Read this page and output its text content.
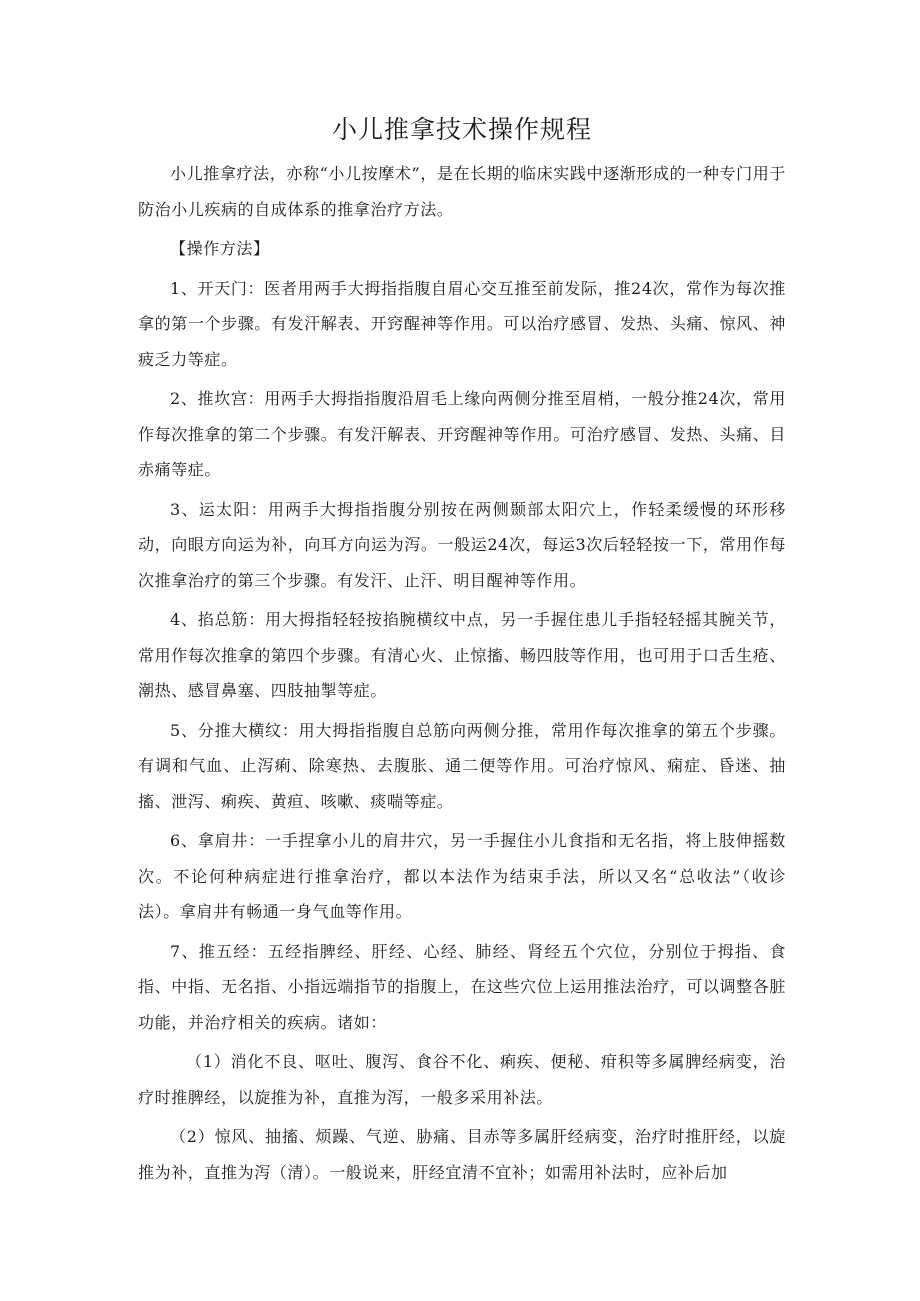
小儿推拿技术操作规程

小儿推拿疗法，亦称“小儿按摩术”，是在长期的临床实践中逐渐形成的一种专门用于防治小儿疾病的自成体系的推拿治疗方法。

【操作方法】

1、开天门：医者用两手大拇指指腹自眉心交互推至前发际，推24次，常作为每次推拿的第一个步骤。有发汗解表、开窍醒神等作用。可以治疗感冒、发热、头痛、惊风、神疲乏力等症。

2、推坎宫：用两手大拇指指腹沿眉毛上缘向两侧分推至眉梢，一般分推24次，常用作每次推拿的第二个步骤。有发汗解表、开窍醒神等作用。可治疗感冒、发热、头痛、目赤痛等症。

3、运太阳：用两手大拇指指腹分别按在两侧颞部太阳穴上，作轻柔缓慢的环形移动，向眼方向运为补，向耳方向运为泻。一般运24次，每运3次后轻轻按一下，常用作每次推拿治疗的第三个步骤。有发汗、止汗、明目醒神等作用。

4、掐总筋：用大拇指轻轻按掐腕横纹中点，另一手握住患儿手指轻轻摇其腕关节，常用作每次推拿的第四个步骤。有清心火、止惊搐、畅四肢等作用，也可用于口舌生疮、潮热、感冒鼻塞、四肢抽掣等症。

5、分推大横纹：用大拇指指腹自总筋向两侧分推，常用作每次推拿的第五个步骤。有调和气血、止泻痢、除寒热、去腹胀、通二便等作用。可治疗惊风、痫症、昏迷、抽搐、泄泻、痢疾、黄疸、咳嗽、痰喘等症。

6、拿肩井：一手捏拿小儿的肩井穴，另一手握住小儿食指和无名指，将上肢伸摇数次。不论何种病症进行推拿治疗，都以本法作为结束手法，所以又名“总收法”（收诊法）。拿肩井有畅通一身气血等作用。

7、推五经：五经指脾经、肝经、心经、肺经、肾经五个穴位，分别位于拇指、食指、中指、无名指、小指远端指节的指腹上，在这些穴位上运用推法治疗，可以调整各脏功能，并治疗相关的疾病。诸如：

（1）消化不良、呕吐、腹泻、食谷不化、痢疾、便秘、疳积等多属脾经病变，治疗时推脾经，以旋推为补，直推为泻，一般多采用补法。

（2）惊风、抽搐、烦躁、气逆、胁痛、目赤等多属肝经病变，治疗时推肝经，以旋推为补，直推为泻（清）。一般说来，肝经宜清不宜补；如需用补法时，应补后加
